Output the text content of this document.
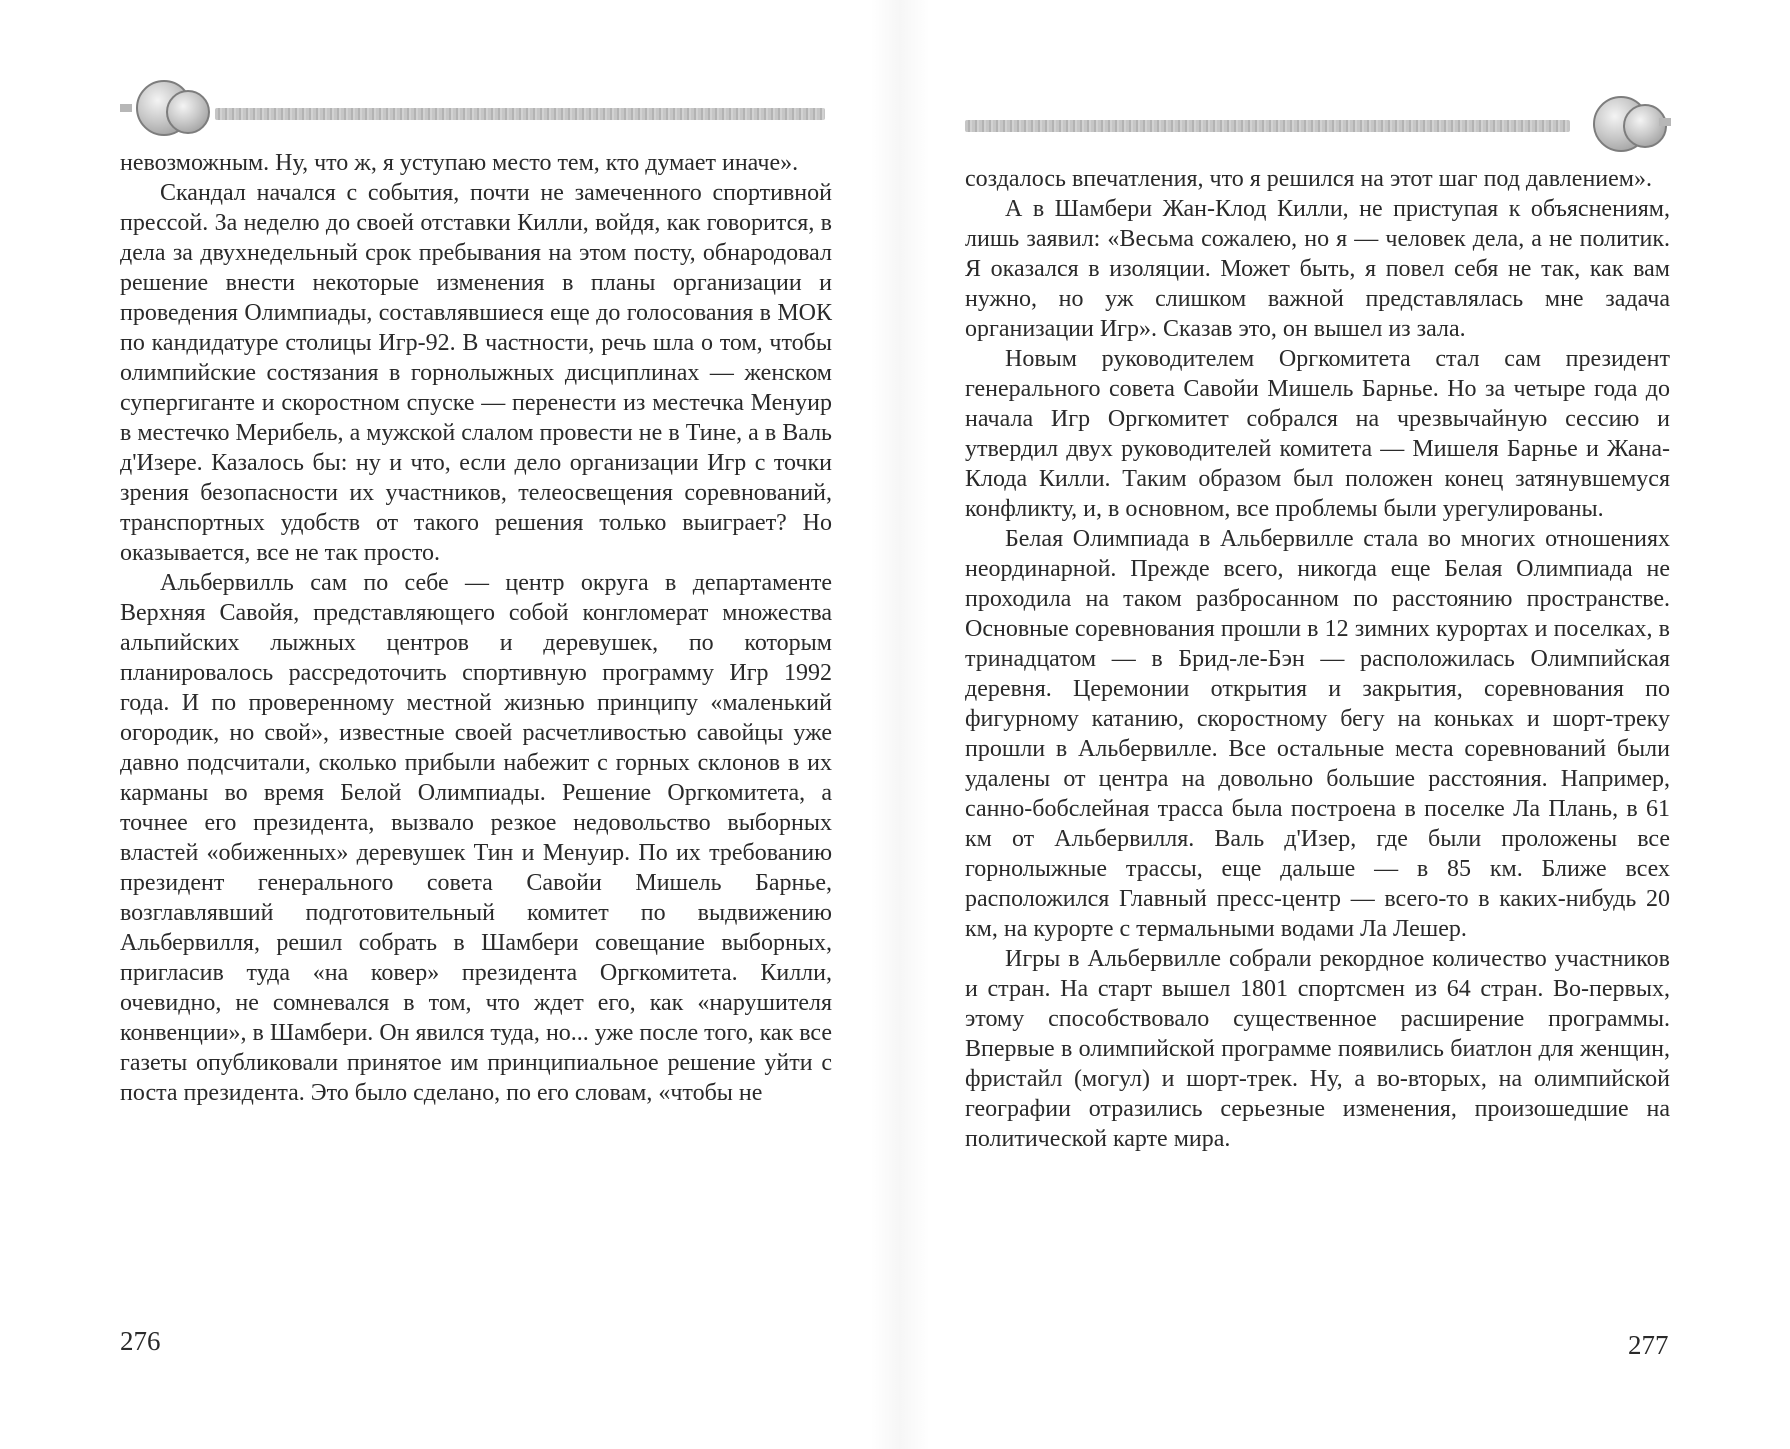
невозможным. Ну, что ж, я уступаю место тем, кто думает иначе».

Скандал начался с события, почти не замеченного спортивной прессой. За неделю до своей отставки Килли, войдя, как говорится, в дела за двухнедельный срок пребывания на этом посту, обнародовал решение внести некоторые изменения в планы организации и проведения Олимпиады, составлявшиеся еще до голосования в МОК по кандидатуре столицы Игр-92. В частности, речь шла о том, чтобы олимпийские состязания в горнолыжных дисциплинах — женском супергиганте и скоростном спуске — перенести из местечка Менуир в местечко Мерибель, а мужской слалом провести не в Тине, а в Валь д'Изере. Казалось бы: ну и что, если дело организации Игр с точки зрения безопасности их участников, телеосвещения соревнований, транспортных удобств от такого решения только выиграет? Но оказывается, все не так просто.

Альбервилль сам по себе — центр округа в департаменте Верхняя Савойя, представляющего собой конгломерат множества альпийских лыжных центров и деревушек, по которым планировалось рассредоточить спортивную программу Игр 1992 года. И по проверенному местной жизнью принципу «маленький огородик, но свой», известные своей расчетливостью савойцы уже давно подсчитали, сколько прибыли набежит с горных склонов в их карманы во время Белой Олимпиады. Решение Оргкомитета, а точнее его президента, вызвало резкое недовольство выборных властей «обиженных» деревушек Тин и Менуир. По их требованию президент генерального совета Савойи Мишель Барнье, возглавлявший подготовительный комитет по выдвижению Альбервилля, решил собрать в Шамбери совещание выборных, пригласив туда «на ковер» президента Оргкомитета. Килли, очевидно, не сомневался в том, что ждет его, как «нарушителя конвенции», в Шамбери. Он явился туда, но... уже после того, как все газеты опубликовали принятое им принципиальное решение уйти с поста президента. Это было сделано, по его словам, «чтобы не

276

создалось впечатления, что я решился на этот шаг под давлением».

А в Шамбери Жан-Клод Килли, не приступая к объяснениям, лишь заявил: «Весьма сожалею, но я — человек дела, а не политик. Я оказался в изоляции. Может быть, я повел себя не так, как вам нужно, но уж слишком важной представлялась мне задача организации Игр». Сказав это, он вышел из зала.

Новым руководителем Оргкомитета стал сам президент генерального совета Савойи Мишель Барнье. Но за четыре года до начала Игр Оргкомитет собрался на чрезвычайную сессию и утвердил двух руководителей комитета — Мишеля Барнье и Жана-Клода Килли. Таким образом был положен конец затянувшемуся конфликту, и, в основном, все проблемы были урегулированы.

Белая Олимпиада в Альбервилле стала во многих отношениях неординарной. Прежде всего, никогда еще Белая Олимпиада не проходила на таком разбросанном по расстоянию пространстве. Основные соревнования прошли в 12 зимних курортах и поселках, в тринадцатом — в Брид-ле-Бэн — расположилась Олимпийская деревня. Церемонии открытия и закрытия, соревнования по фигурному катанию, скоростному бегу на коньках и шорт-треку прошли в Альбервилле. Все остальные места соревнований были удалены от центра на довольно большие расстояния. Например, санно-бобслейная трасса была построена в поселке Ла Плань, в 61 км от Альбервилля. Валь д'Изер, где были проложены все горнолыжные трассы, еще дальше — в 85 км. Ближе всех расположился Главный пресс-центр — всего-то в каких-нибудь 20 км, на курорте с термальными водами Ла Лешер.

Игры в Альбервилле собрали рекордное количество участников и стран. На старт вышел 1801 спортсмен из 64 стран. Во-первых, этому способствовало существенное расширение программы. Впервые в олимпийской программе появились биатлон для женщин, фристайл (могул) и шорт-трек. Ну, а во-вторых, на олимпийской географии отразились серьезные изменения, произошедшие на политической карте мира.

277
